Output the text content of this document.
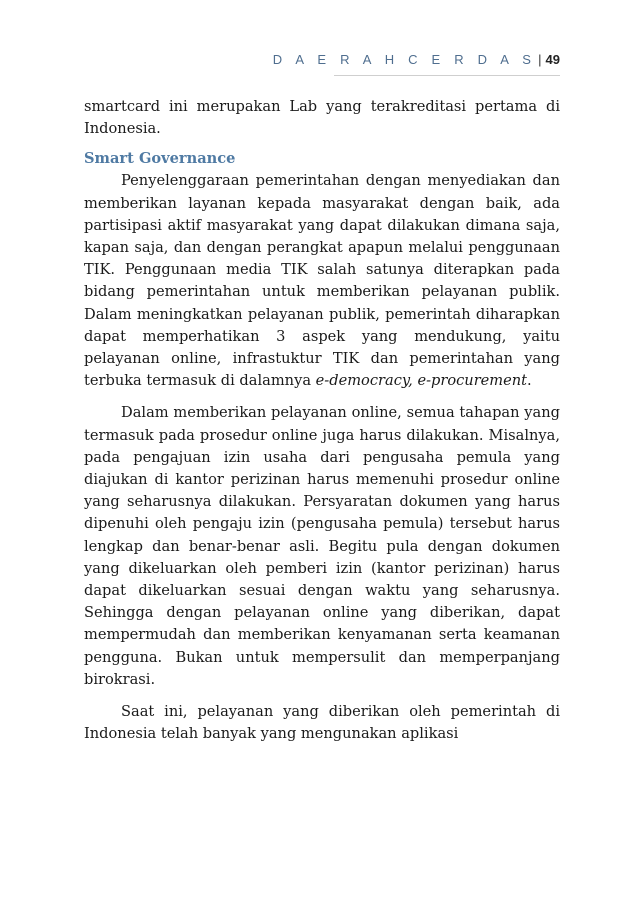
D A E R A H C E R D A S | 49

smartcard ini merupakan Lab yang terakreditasi pertama di Indonesia.

Smart Governance

Penyelenggaraan pemerintahan dengan menyediakan dan memberikan layanan kepada masyarakat dengan baik, ada partisipasi aktif masyarakat yang dapat dilakukan dimana saja, kapan saja, dan dengan perangkat apapun melalui penggunaan TIK. Penggunaan media TIK salah satunya diterapkan pada bidang pemerintahan untuk memberikan pelayanan publik. Dalam meningkatkan pelayanan publik, pemerintah diharapkan dapat memperhatikan 3 aspek yang mendukung, yaitu pelayanan online, infrastuktur TIK dan pemerintahan yang terbuka termasuk di dalamnya e-democracy, e-procurement.

Dalam memberikan pelayanan online, semua tahapan yang termasuk pada prosedur online juga harus dilakukan. Misalnya, pada pengajuan izin usaha dari pengusaha pemula yang diajukan di kantor perizinan harus memenuhi prosedur online yang seharusnya dilakukan. Persyaratan dokumen yang harus dipenuhi oleh pengaju izin (pengusaha pemula) tersebut harus lengkap dan benar-benar asli. Begitu pula dengan dokumen yang dikeluarkan oleh pemberi izin (kantor perizinan) harus dapat dikeluarkan sesuai dengan waktu yang seharusnya. Sehingga dengan pelayanan online yang diberikan, dapat mempermudah dan memberikan kenyamanan serta keamanan pengguna. Bukan untuk mempersulit dan memperpanjang birokrasi.

Saat ini, pelayanan yang diberikan oleh pemerintah di Indonesia telah banyak yang mengunakan aplikasi
